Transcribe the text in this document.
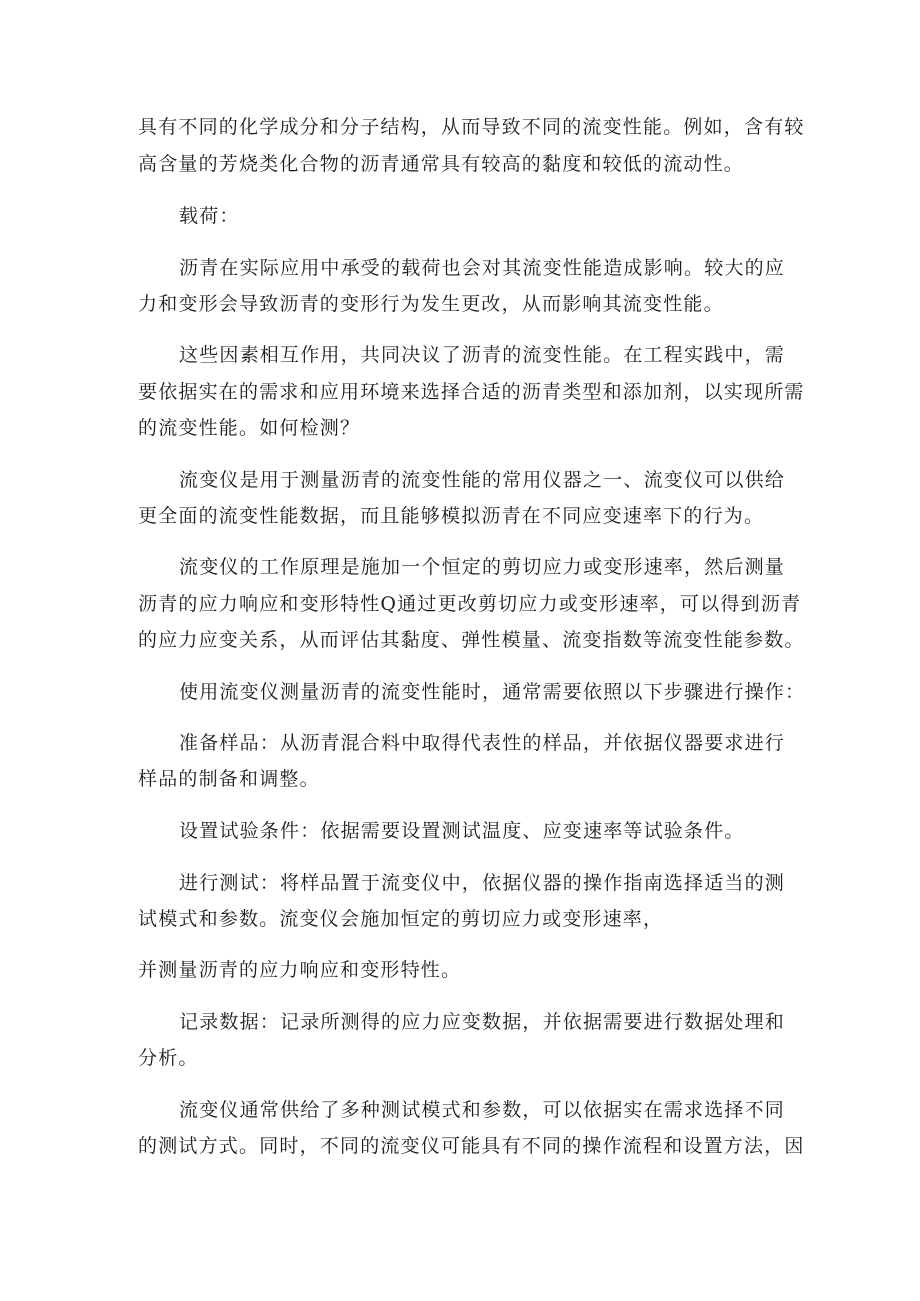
具有不同的化学成分和分子结构，从而导致不同的流变性能。例如，含有较
高含量的芳烧类化合物的沥青通常具有较高的黏度和较低的流动性。
载荷：
沥青在实际应用中承受的载荷也会对其流变性能造成影响。较大的应
力和变形会导致沥青的变形行为发生更改，从而影响其流变性能。
这些因素相互作用，共同决议了沥青的流变性能。在工程实践中，需
要依据实在的需求和应用环境来选择合适的沥青类型和添加剂，以实现所需
的流变性能。如何检测？
流变仪是用于测量沥青的流变性能的常用仪器之一、流变仪可以供给
更全面的流变性能数据，而且能够模拟沥青在不同应变速率下的行为。
流变仪的工作原理是施加一个恒定的剪切应力或变形速率，然后测量
沥青的应力响应和变形特性Q通过更改剪切应力或变形速率，可以得到沥青
的应力应变关系，从而评估其黏度、弹性模量、流变指数等流变性能参数。
使用流变仪测量沥青的流变性能时，通常需要依照以下步骤进行操作：
准备样品：从沥青混合料中取得代表性的样品，并依据仪器要求进行
样品的制备和调整。
设置试验条件：依据需要设置测试温度、应变速率等试验条件。
进行测试：将样品置于流变仪中，依据仪器的操作指南选择适当的测
试模式和参数。流变仪会施加恒定的剪切应力或变形速率，
并测量沥青的应力响应和变形特性。
记录数据：记录所测得的应力应变数据，并依据需要进行数据处理和
分析。
流变仪通常供给了多种测试模式和参数，可以依据实在需求选择不同
的测试方式。同时，不同的流变仪可能具有不同的操作流程和设置方法，因
